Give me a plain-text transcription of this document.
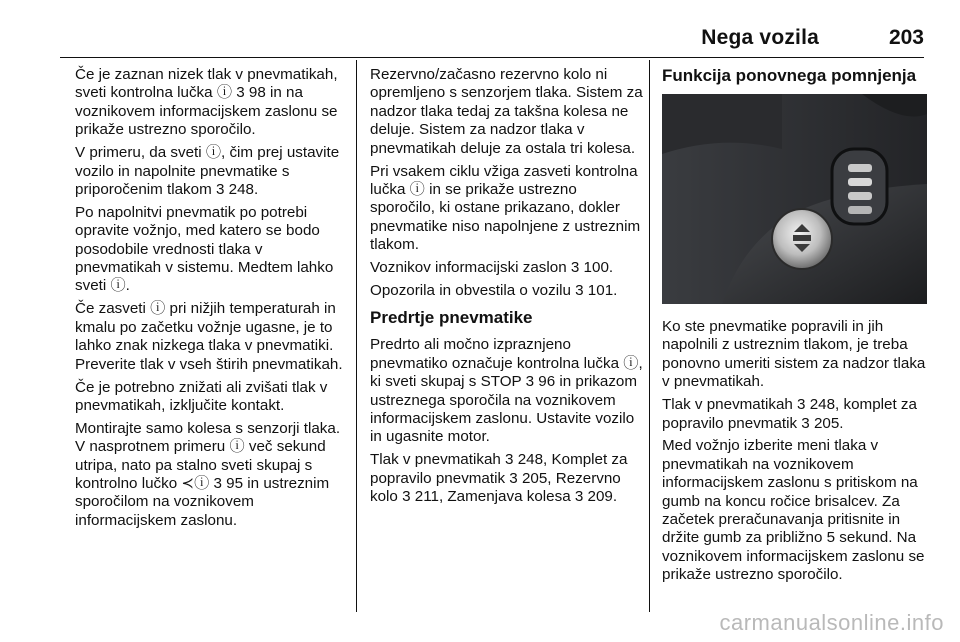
Nega vozila	203

Če je zaznan nizek tlak v pnevmatikah, sveti kontrolna lučka ⓘ 3 98 in na voznikovem informacijskem zaslonu se prikaže ustrezno sporočilo.

V primeru, da sveti ⓘ, čim prej ustavite vozilo in napolnite pnevmatike s priporočenim tlakom 3 248.

Po napolnitvi pnevmatik po potrebi opravite vožnjo, med katero se bodo posodobile vrednosti tlaka v pnevmatikah v sistemu. Medtem lahko sveti ⓘ.

Če zasveti ⓘ pri nižjih temperaturah in kmalu po začetku vožnje ugasne, je to lahko znak nizkega tlaka v pnevmatiki. Preverite tlak v vseh štirih pnevmatikah.

Če je potrebno znižati ali zvišati tlak v pnevmatikah, izključite kontakt.

Montirajte samo kolesa s senzorji tlaka. V nasprotnem primeru ⓘ več sekund utripa, nato pa stalno sveti skupaj s kontrolno lučko ≺ⓘ 3 95 in ustreznim sporočilom na voznikovem informacijskem zaslonu.

Rezervno/začasno rezervno kolo ni opremljeno s senzorjem tlaka. Sistem za nadzor tlaka tedaj za takšna kolesa ne deluje. Sistem za nadzor tlaka v pnevmatikah deluje za ostala tri kolesa.

Pri vsakem ciklu vžiga zasveti kontrolna lučka ⓘ in se prikaže ustrezno sporočilo, ki ostane prikazano, dokler pnevmatike niso napolnjene z ustreznim tlakom.

Voznikov informacijski zaslon 3 100.

Opozorila in obvestila o vozilu 3 101.

Predrtje pnevmatike

Predrto ali močno izpraznjeno pnevmatiko označuje kontrolna lučka ⓘ, ki sveti skupaj s STOP 3 96 in prikazom ustreznega sporočila na voznikovem informacijskem zaslonu. Ustavite vozilo in ugasnite motor.

Tlak v pnevmatikah 3 248, Komplet za popravilo pnevmatik 3 205, Rezervno kolo 3 211, Zamenjava kolesa 3 209.

Funkcija ponovnega pomnjenja

Ko ste pnevmatike popravili in jih napolnili z ustreznim tlakom, je treba ponovno umeriti sistem za nadzor tlaka v pnevmatikah.

Tlak v pnevmatikah 3 248, komplet za popravilo pnevmatik 3 205.

Med vožnjo izberite meni tlaka v pnevmatikah na voznikovem informacijskem zaslonu s pritiskom na gumb na koncu ročice brisalcev. Za začetek preračunavanja pritisnite in držite gumb za približno 5 sekund. Na voznikovem informacijskem zaslonu se prikaže ustrezno sporočilo.

carmanualsonline.info
